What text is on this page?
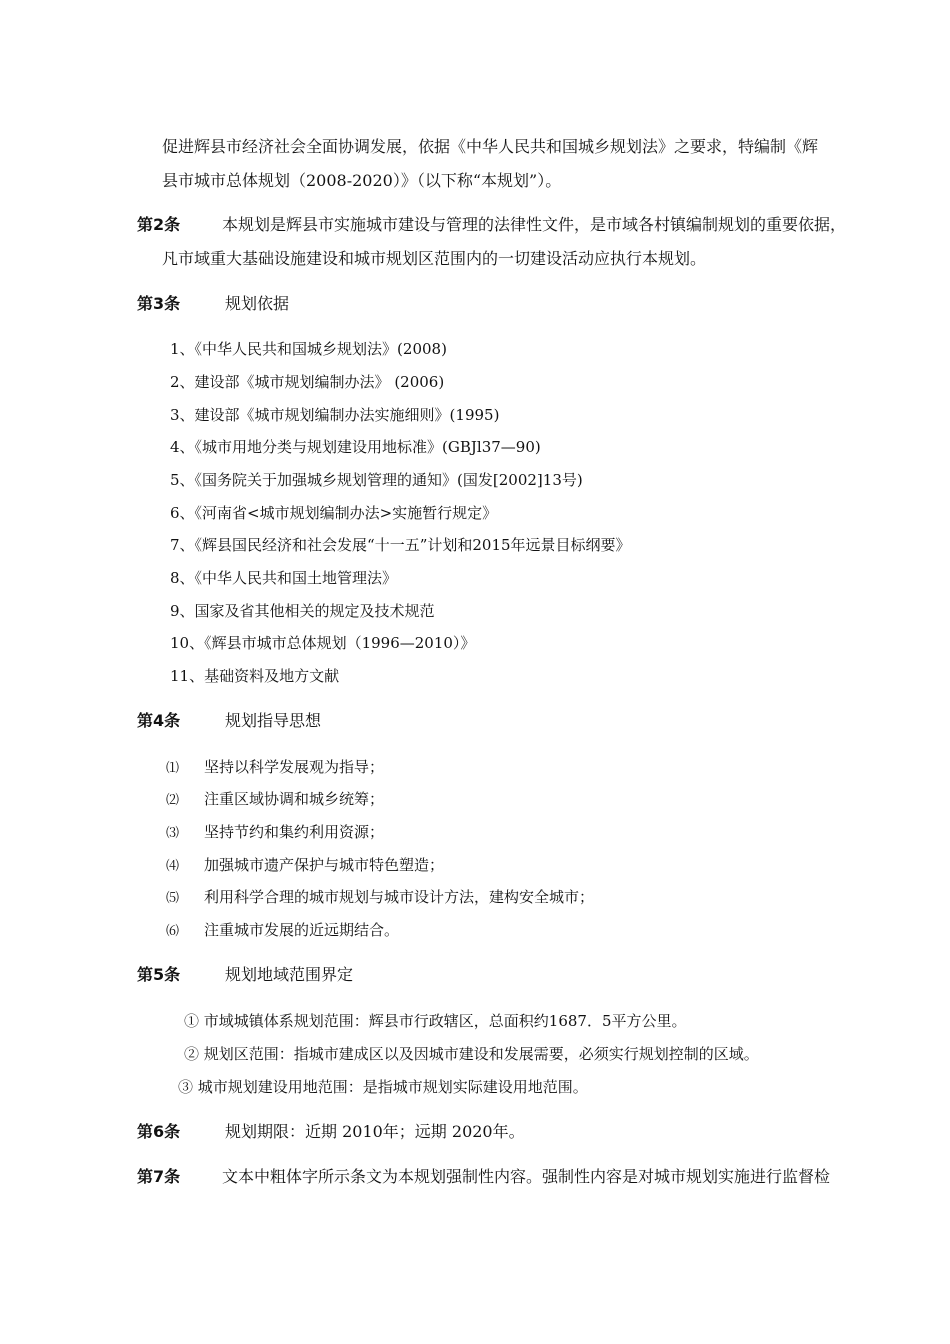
促进辉县市经济社会全面协调发展，依据《中华人民共和国城乡规划法》之要求，特编制《辉
县市城市总体规划（2008-2020）》（以下称“本规划”）。
第2条	本规划是辉县市实施城市建设与管理的法律性文件，是市域各村镇编制规划的重要依据，
凡市域重大基础设施建设和城市规划区范围内的一切建设活动应执行本规划。
第3条	规划依据
1、《中华人民共和国城乡规划法》(2008)
2、建设部《城市规划编制办法》 (2006)
3、建设部《城市规划编制办法实施细则》(1995)
4、《城市用地分类与规划建设用地标准》(GBJl37—90)
5、《国务院关于加强城乡规划管理的通知》(国发[2002]13号)
6、《河南省<城市规划编制办法>实施暂行规定》
7、《辉县国民经济和社会发展“十一五”计划和2015年远景目标纲要》
8、《中华人民共和国土地管理法》
9、国家及省其他相关的规定及技术规范
10、《辉县市城市总体规划（1996—2010）》
11、基础资料及地方文献
第4条	规划指导思想
⑴ 坚持以科学发展观为指导；
⑵ 注重区域协调和城乡统筹；
⑶ 坚持节约和集约利用资源；
⑷ 加强城市遗产保护与城市特色塑造；
⑸ 利用科学合理的城市规划与城市设计方法，建构安全城市；
⑹ 注重城市发展的近远期结合。
第5条	规划地域范围界定
① 市域城镇体系规划范围：辉县市行政辖区，总面积约1687．5平方公里。
② 规划区范围：指城市建成区以及因城市建设和发展需要，必须实行规划控制的区域。
③ 城市规划建设用地范围：是指城市规划实际建设用地范围。
第6条	规划期限：近期 2010年；远期 2020年。
第7条	文本中粗体字所示条文为本规划强制性内容。强制性内容是对城市规划实施进行监督检
